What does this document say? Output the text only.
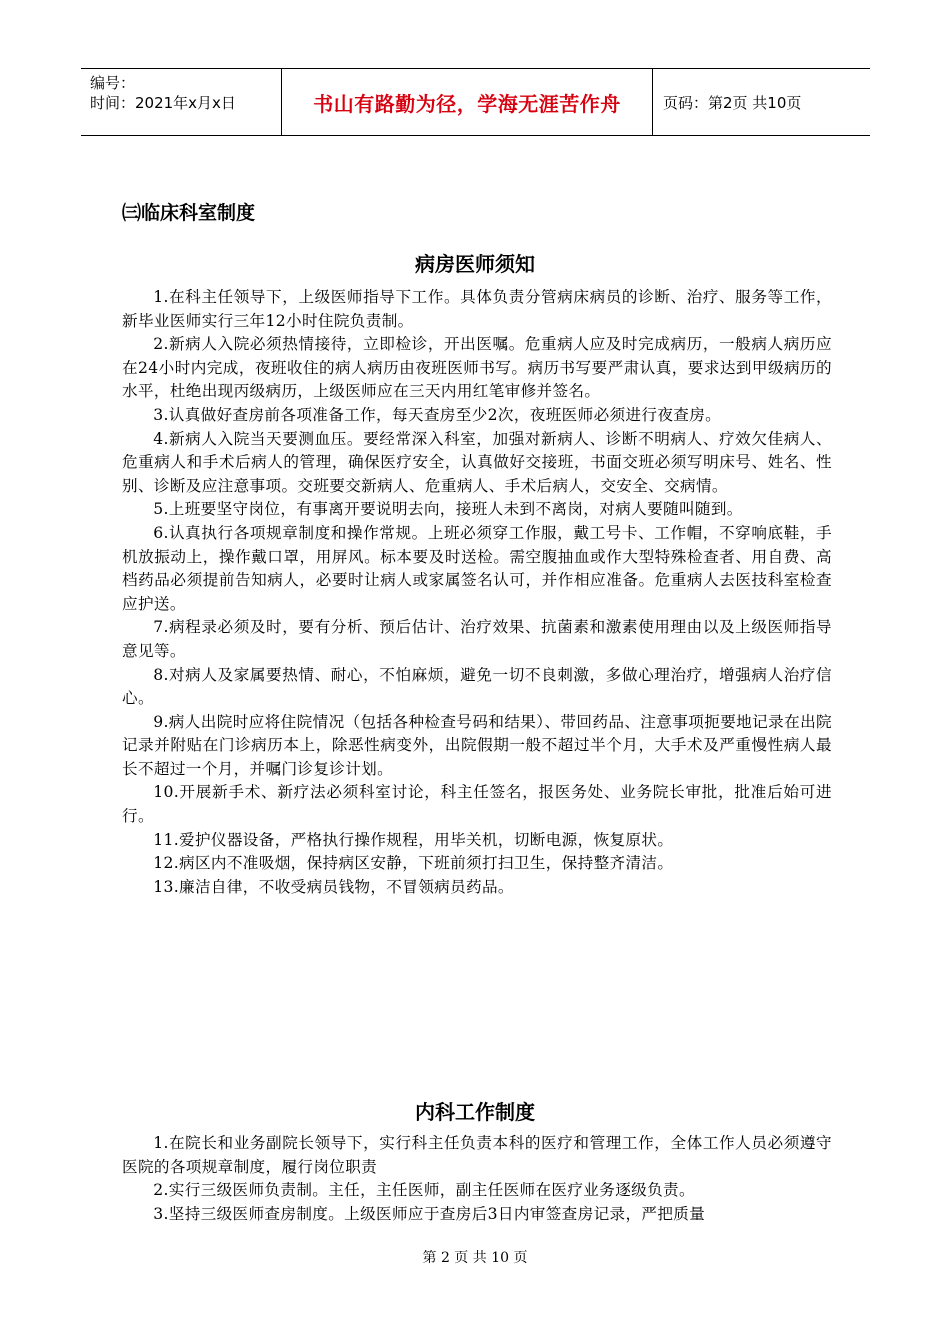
编号：
时间：2021年x月x日	书山有路勤为径，学海无涯苦作舟	页码：第2页 共10页
㈢临床科室制度
病房医师须知

1.在科主任领导下，上级医师指导下工作。具体负责分管病床病员的诊断、治疗、服务等工作，新毕业医师实行三年12小时住院负责制。

2.新病人入院必须热情接待，立即检诊，开出医嘱。危重病人应及时完成病历，一般病人病历应在24小时内完成，夜班收住的病人病历由夜班医师书写。病历书写要严肃认真，要求达到甲级病历的水平，杜绝出现丙级病历，上级医师应在三天内用红笔审修并签名。

3.认真做好查房前各项准备工作，每天查房至少2次，夜班医师必须进行夜查房。

4.新病人入院当天要测血压。要经常深入科室，加强对新病人、诊断不明病人、疗效欠佳病人、危重病人和手术后病人的管理，确保医疗安全，认真做好交接班，书面交班必须写明床号、姓名、性别、诊断及应注意事项。交班要交新病人、危重病人、手术后病人，交安全、交病情。

5.上班要坚守岗位，有事离开要说明去向，接班人未到不离岗，对病人要随叫随到。

6.认真执行各项规章制度和操作常规。上班必须穿工作服，戴工号卡、工作帽，不穿响底鞋，手机放振动上，操作戴口罩，用屏风。标本要及时送检。需空腹抽血或作大型特殊检查者、用自费、高档药品必须提前告知病人，必要时让病人或家属签名认可，并作相应准备。危重病人去医技科室检查应护送。

7.病程录必须及时，要有分析、预后估计、治疗效果、抗菌素和激素使用理由以及上级医师指导意见等。

8.对病人及家属要热情、耐心，不怕麻烦，避免一切不良刺激，多做心理治疗，增强病人治疗信心。

9.病人出院时应将住院情况（包括各种检查号码和结果）、带回药品、注意事项扼要地记录在出院记录并附贴在门诊病历本上，除恶性病变外，出院假期一般不超过半个月，大手术及严重慢性病人最长不超过一个月，并嘱门诊复诊计划。

10.开展新手术、新疗法必须科室讨论，科主任签名，报医务处、业务院长审批，批准后始可进行。

11.爱护仪器设备，严格执行操作规程，用毕关机，切断电源，恢复原状。

12.病区内不准吸烟，保持病区安静，下班前须打扫卫生，保持整齐清洁。

13.廉洁自律，不收受病员钱物，不冒领病员药品。

内科工作制度

1.在院长和业务副院长领导下，实行科主任负责本科的医疗和管理工作，全体工作人员必须遵守医院的各项规章制度，履行岗位职责

2.实行三级医师负责制。主任，主任医师，副主任医师在医疗业务逐级负责。

3.坚持三级医师查房制度。上级医师应于查房后3日内审签查房记录，严把质量

第 2 页 共 10 页
